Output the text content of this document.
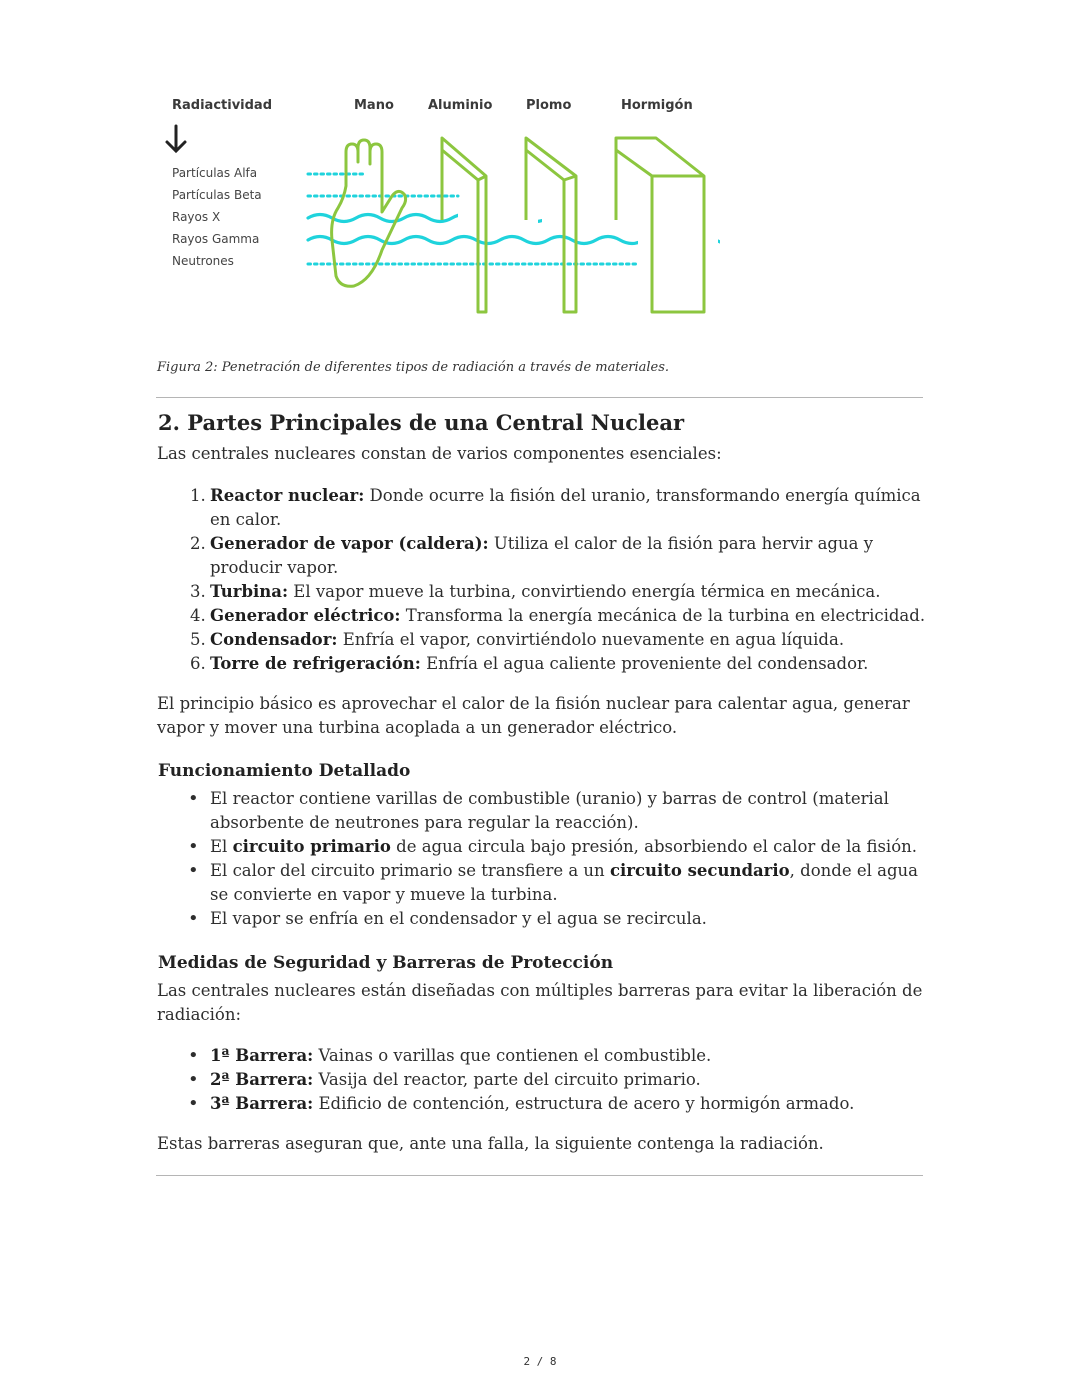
Radiactividad	Mano	Aluminio	Plomo	Hormigón
Partículas Alfa
Partículas Beta
Rayos X
Rayos Gamma
Neutrones
Figura 2: Penetración de diferentes tipos de radiación a través de materiales.
2. Partes Principales de una Central Nuclear

Las centrales nucleares constan de varios componentes esenciales:

1. Reactor nuclear: Donde ocurre la fisión del uranio, transformando energía química en calor.
2. Generador de vapor (caldera): Utiliza el calor de la fisión para hervir agua y producir vapor.
3. Turbina: El vapor mueve la turbina, convirtiendo energía térmica en mecánica.
4. Generador eléctrico: Transforma la energía mecánica de la turbina en electricidad.
5. Condensador: Enfría el vapor, convirtiéndolo nuevamente en agua líquida.
6. Torre de refrigeración: Enfría el agua caliente proveniente del condensador.

El principio básico es aprovechar el calor de la fisión nuclear para calentar agua, generar vapor y mover una turbina acoplada a un generador eléctrico.

Funcionamiento Detallado
• El reactor contiene varillas de combustible (uranio) y barras de control (material absorbente de neutrones para regular la reacción).
• El circuito primario de agua circula bajo presión, absorbiendo el calor de la fisión.
• El calor del circuito primario se transfiere a un circuito secundario, donde el agua se convierte en vapor y mueve la turbina.
• El vapor se enfría en el condensador y el agua se recircula.
Medidas de Seguridad y Barreras de Protección

Las centrales nucleares están diseñadas con múltiples barreras para evitar la liberación de radiación:

• 1ª Barrera: Vainas o varillas que contienen el combustible.
• 2ª Barrera: Vasija del reactor, parte del circuito primario.
• 3ª Barrera: Edificio de contención, estructura de acero y hormigón armado.

Estas barreras aseguran que, ante una falla, la siguiente contenga la radiación.

2 / 8
